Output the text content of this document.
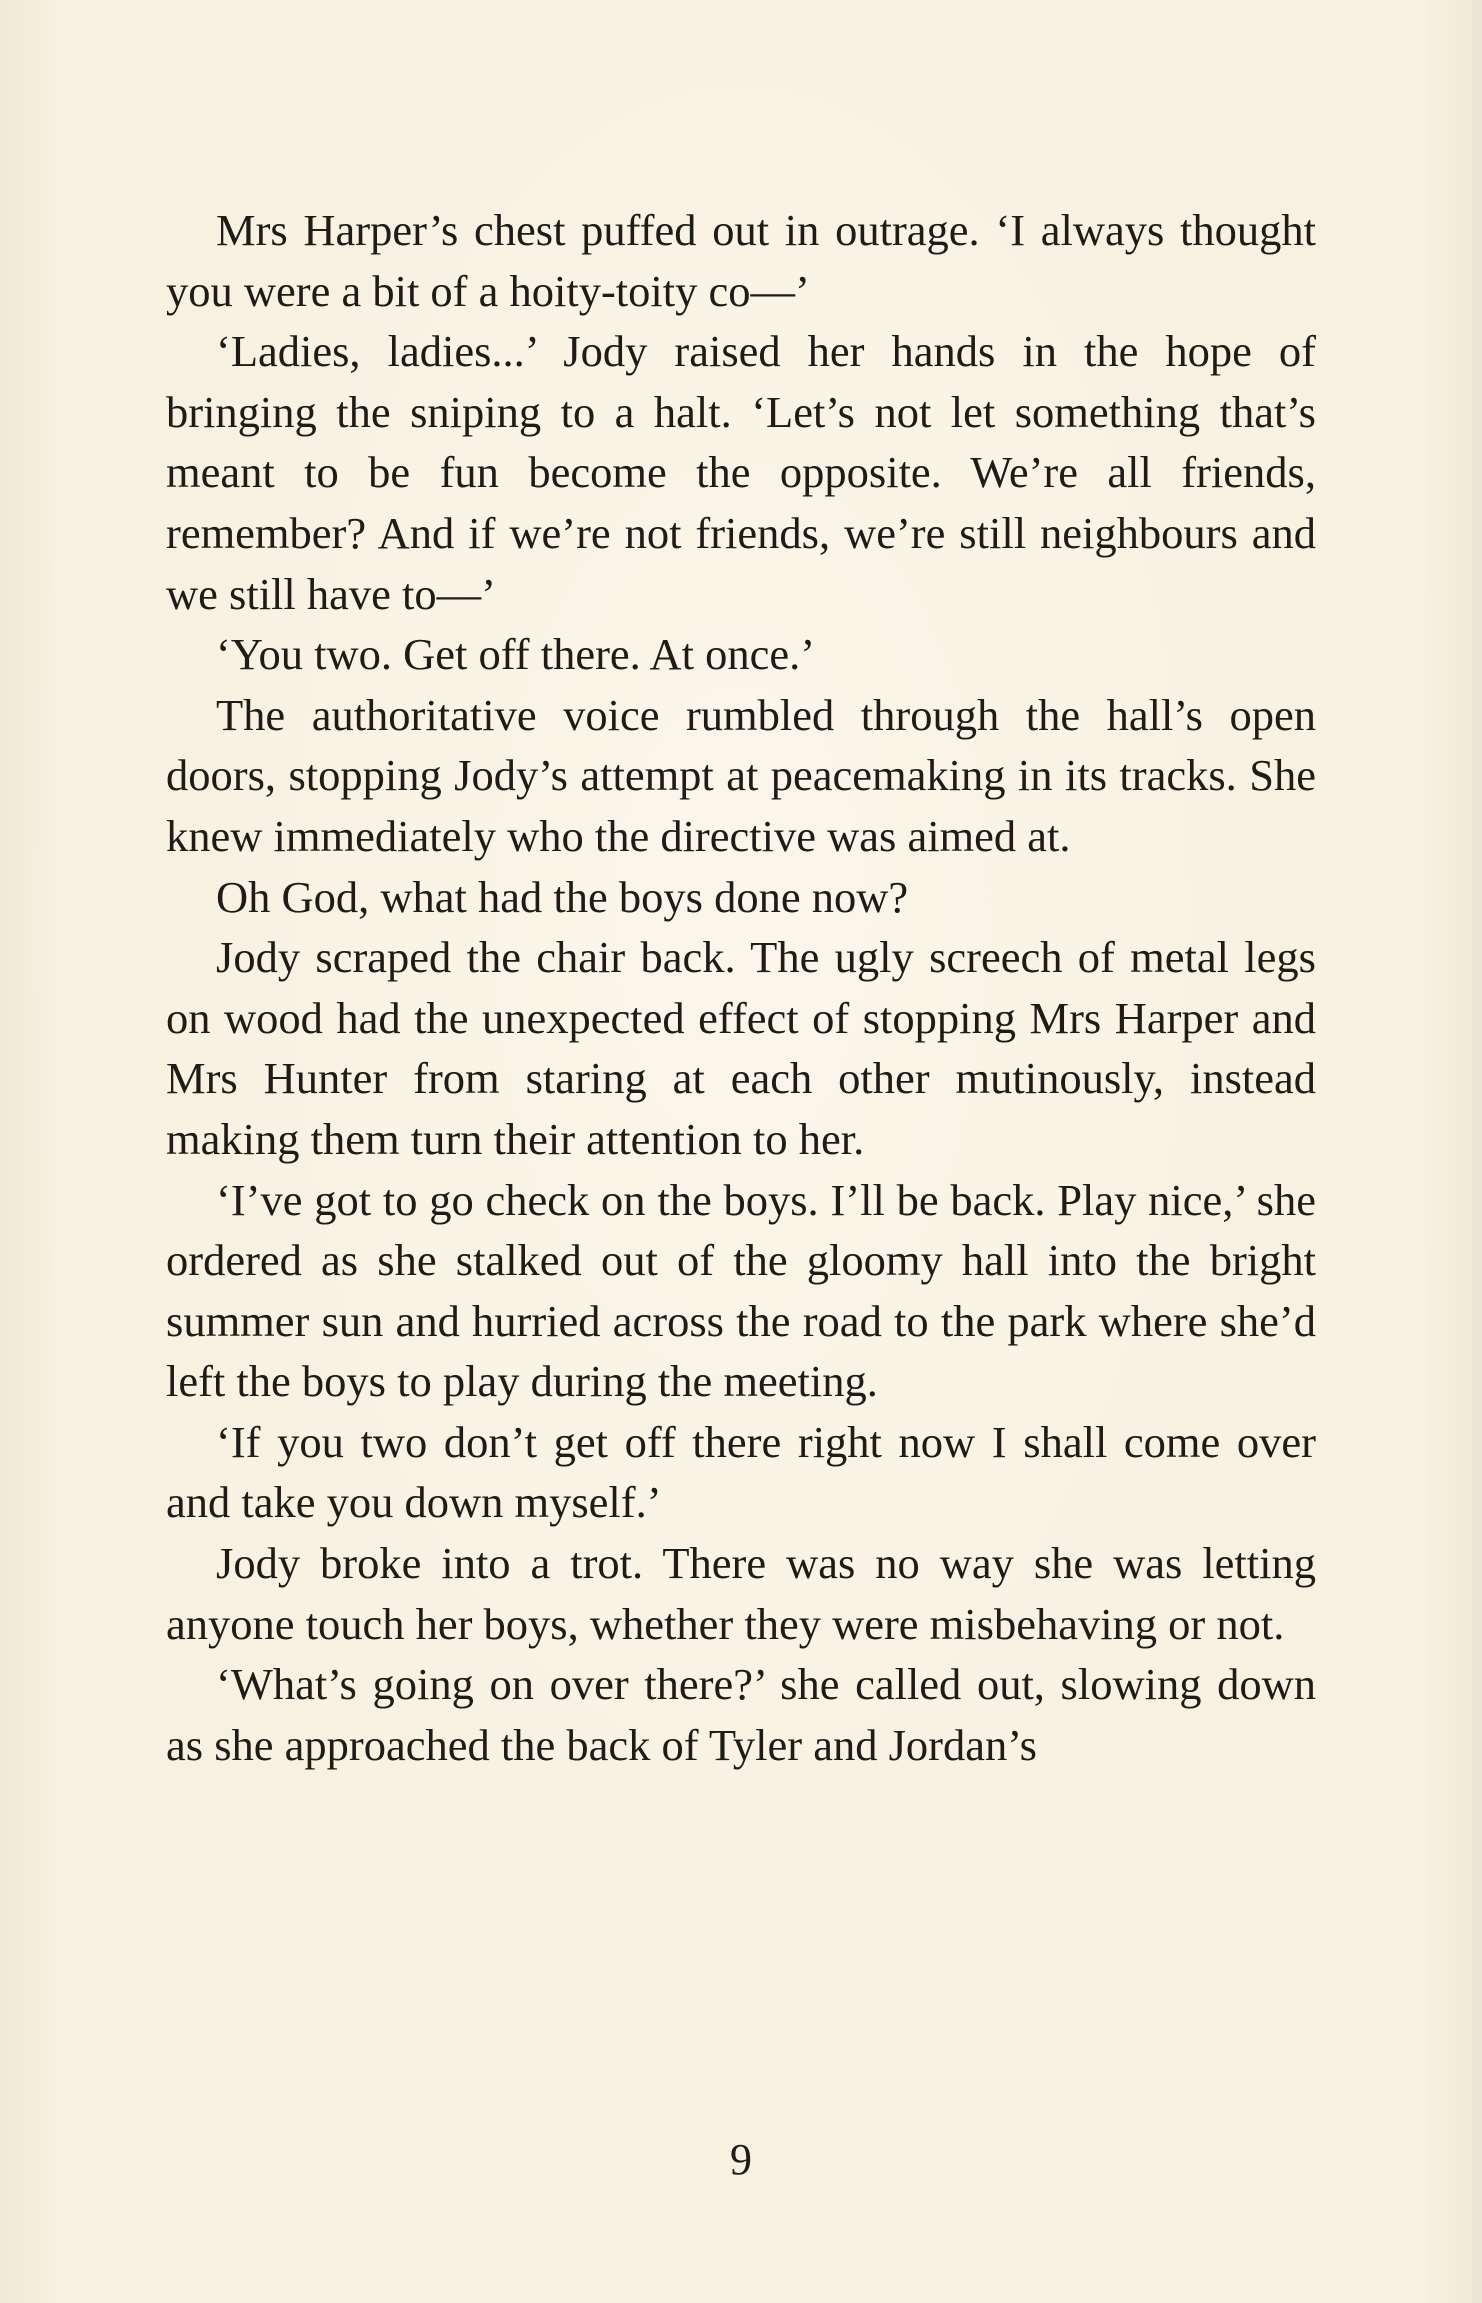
Mrs Harper’s chest puffed out in outrage. ‘I always thought you were a bit of a hoity-toity co—’

‘Ladies, ladies...’ Jody raised her hands in the hope of bringing the sniping to a halt. ‘Let’s not let something that’s meant to be fun become the opposite. We’re all friends, remember? And if we’re not friends, we’re still neighbours and we still have to—’

‘You two. Get off there. At once.’

The authoritative voice rumbled through the hall’s open doors, stopping Jody’s attempt at peacemaking in its tracks. She knew immediately who the directive was aimed at.

Oh God, what had the boys done now?

Jody scraped the chair back. The ugly screech of metal legs on wood had the unexpected effect of stopping Mrs Harper and Mrs Hunter from staring at each other mutinously, instead making them turn their attention to her.

‘I’ve got to go check on the boys. I’ll be back. Play nice,’ she ordered as she stalked out of the gloomy hall into the bright summer sun and hurried across the road to the park where she’d left the boys to play during the meeting.

‘If you two don’t get off there right now I shall come over and take you down myself.’

Jody broke into a trot. There was no way she was letting anyone touch her boys, whether they were misbehaving or not.

‘What’s going on over there?’ she called out, slowing down as she approached the back of Tyler and Jordan’s

9
